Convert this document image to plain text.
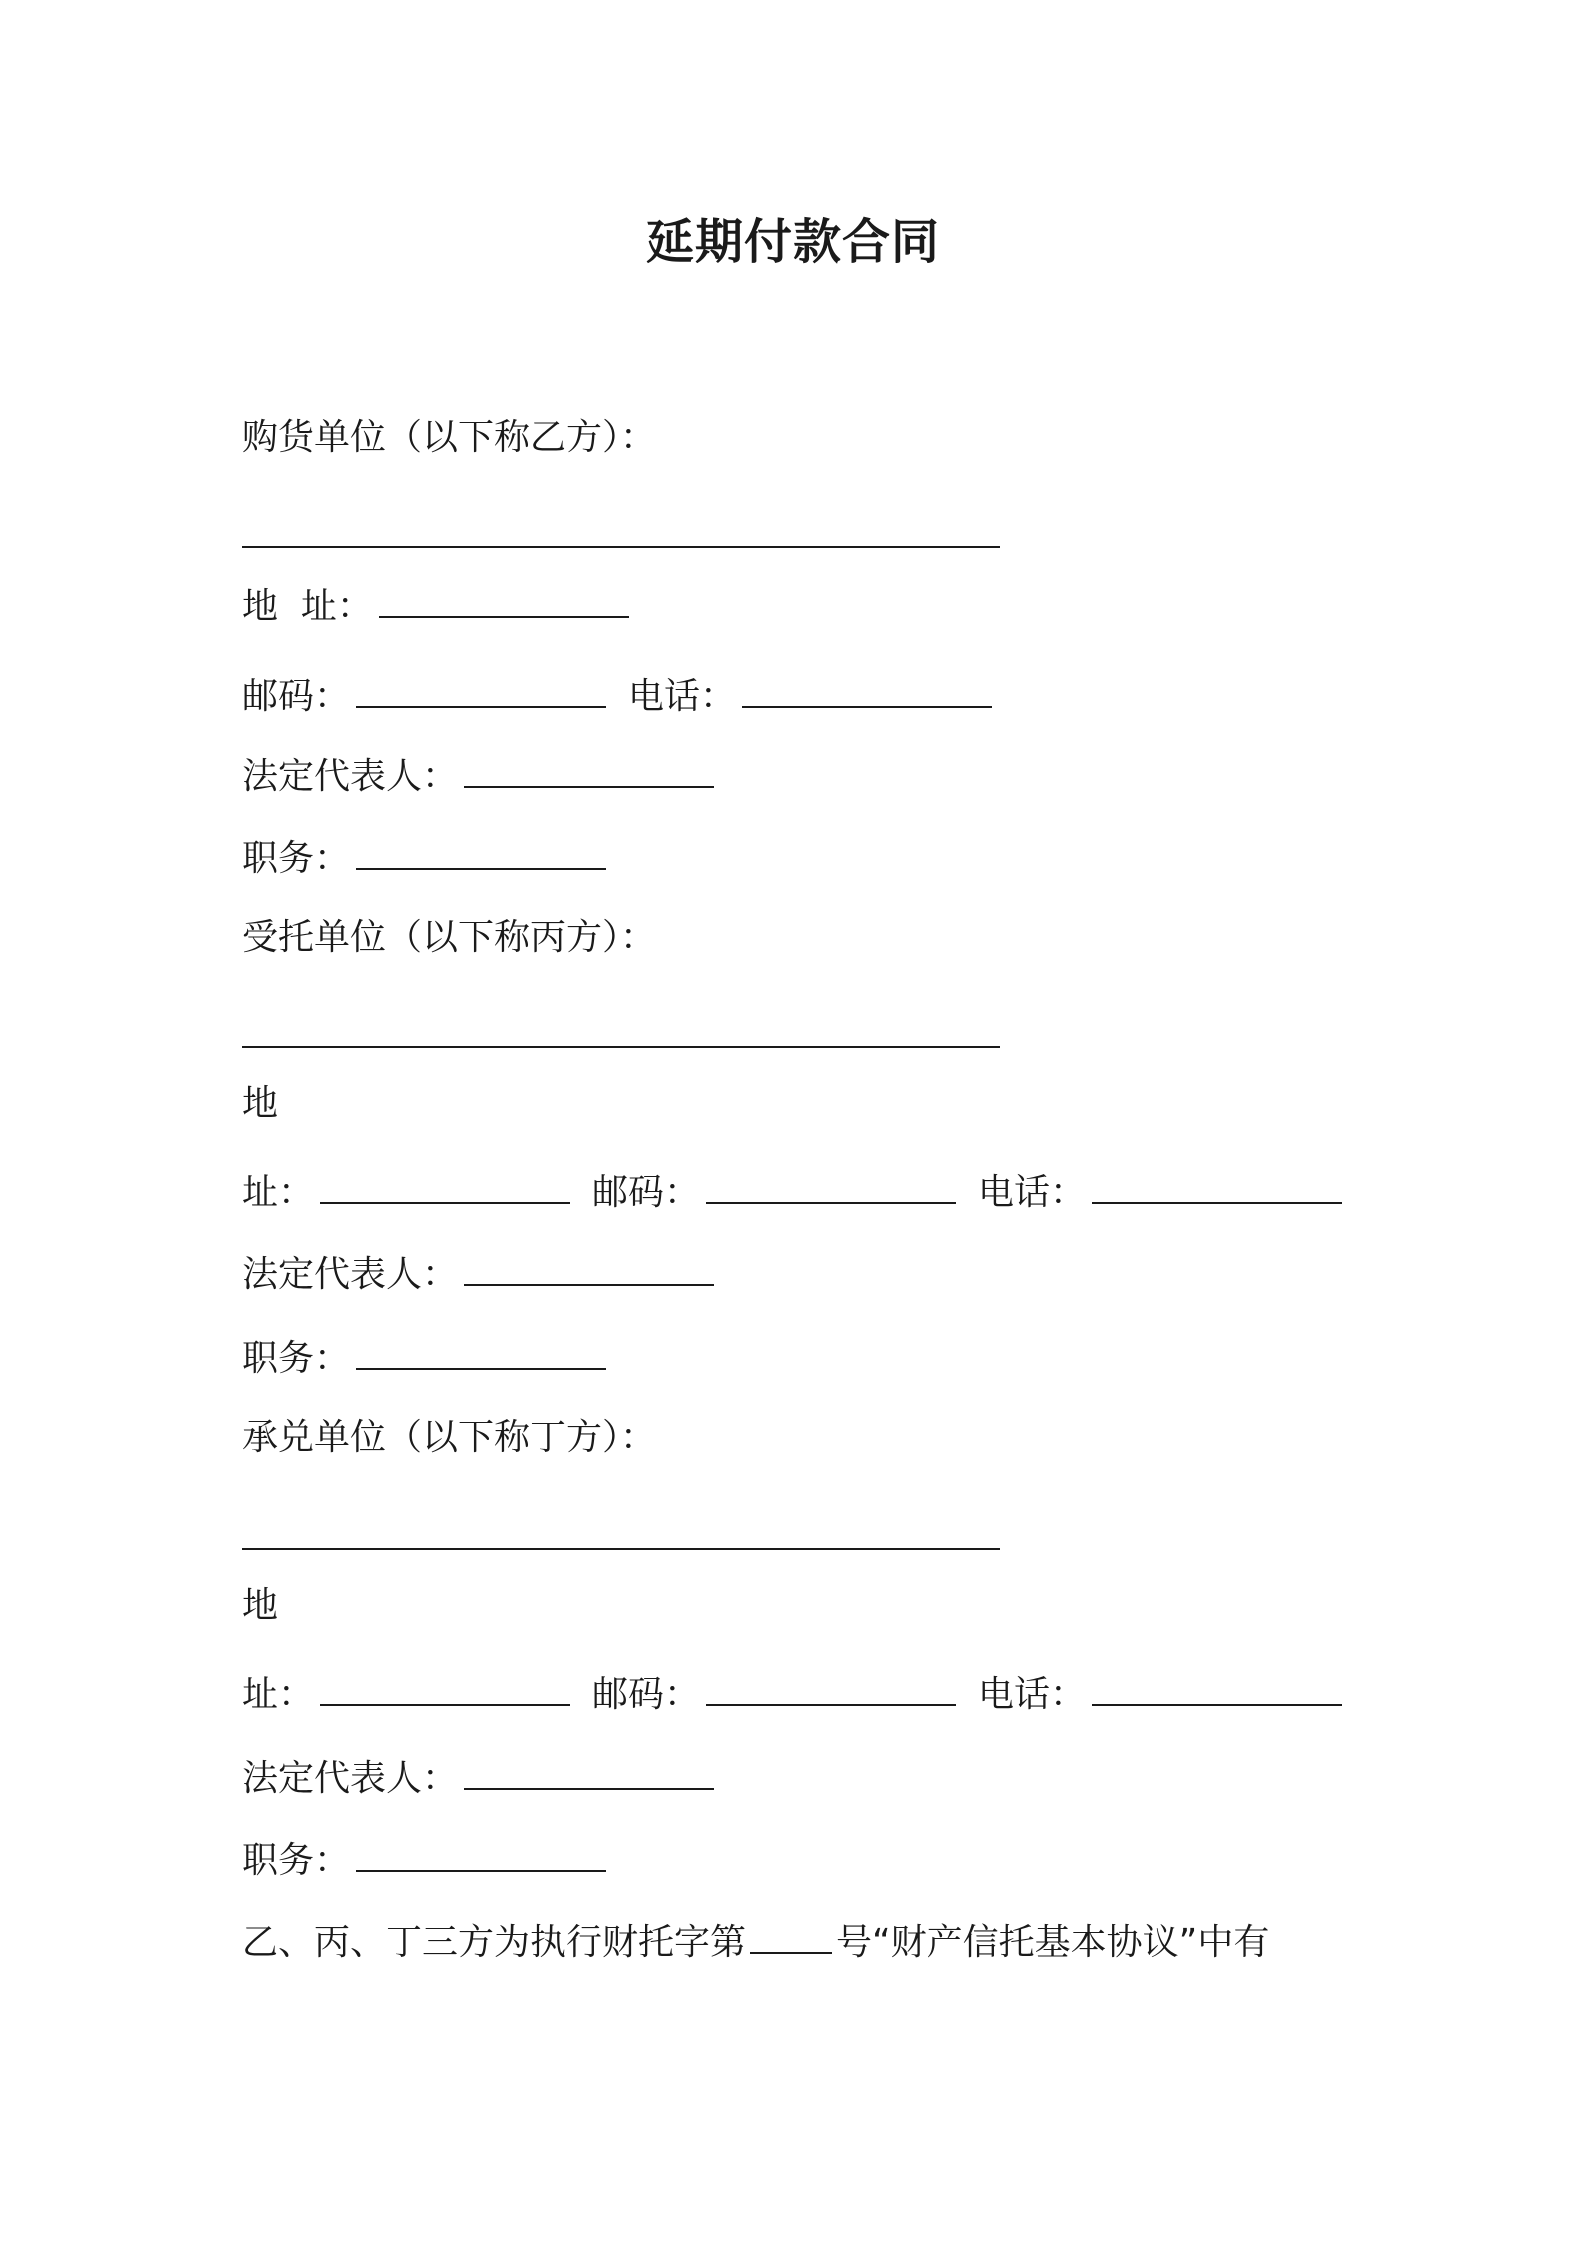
延期付款合同
购货单位（以下称乙方）：
地  址：
邮码：	电话：
法定代表人：
职务：
受托单位（以下称丙方）：
地
址：	邮码：	电话：
法定代表人：
职务：
承兑单位（以下称丁方）：
地
址：	邮码：	电话：
法定代表人：
职务：
乙、丙、丁三方为执行财托字第	号“财产信托基本协议”中有
